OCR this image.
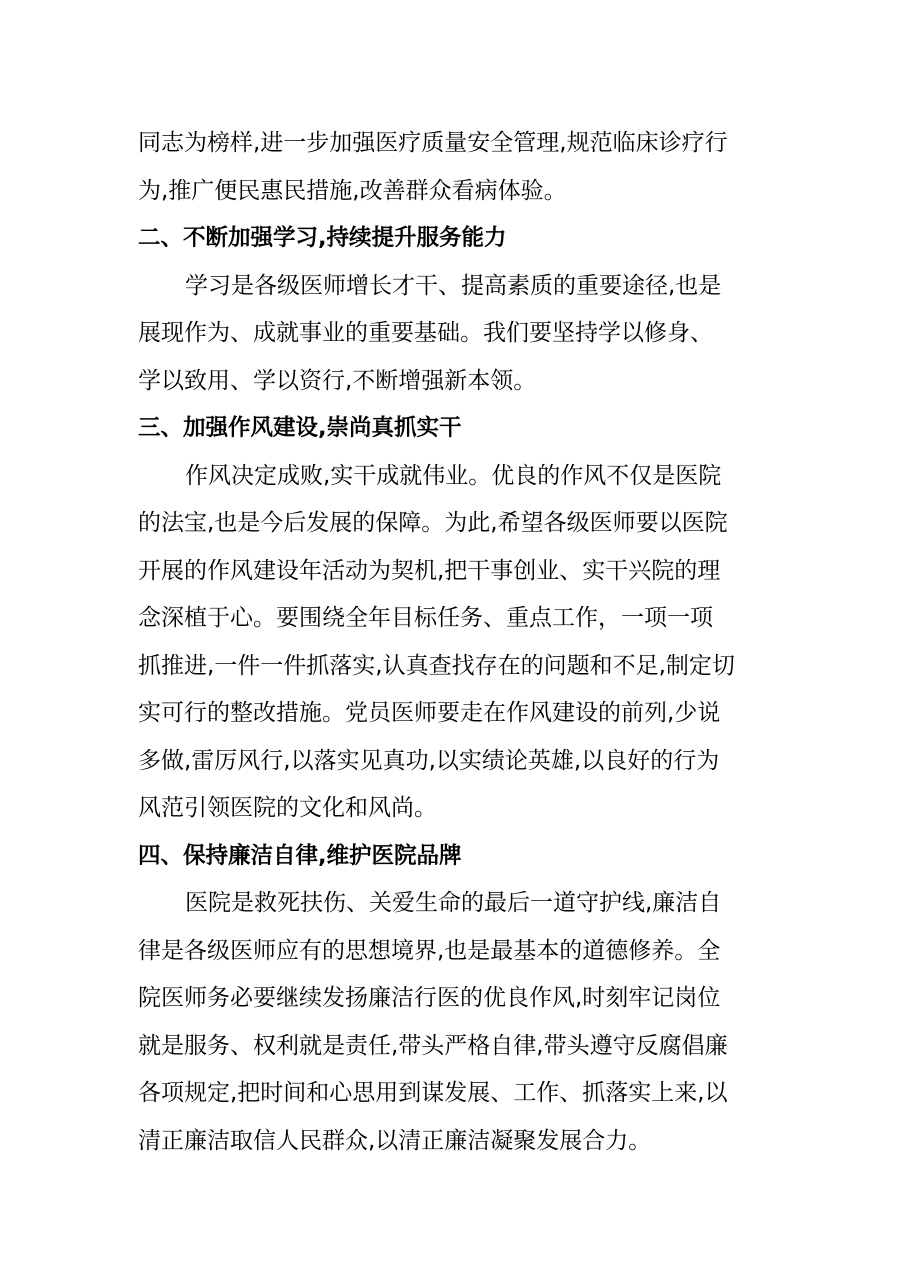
同志为榜样,进一步加强医疗质量安全管理,规范临床诊疗行
为,推广便民惠民措施,改善群众看病体验。
二、不断加强学习,持续提升服务能力
学习是各级医师增长才干、提高素质的重要途径,也是
展现作为、成就事业的重要基础。我们要坚持学以修身、
学以致用、学以资行,不断增强新本领。
三、加强作风建设,崇尚真抓实干
作风决定成败,实干成就伟业。优良的作风不仅是医院
的法宝,也是今后发展的保障。为此,希望各级医师要以医院
开展的作风建设年活动为契机,把干事创业、实干兴院的理
念深植于心。要围绕全年目标任务、重点工作，一项一项
抓推进,一件一件抓落实,认真查找存在的问题和不足,制定切
实可行的整改措施。党员医师要走在作风建设的前列,少说
多做,雷厉风行,以落实见真功,以实绩论英雄,以良好的行为
风范引领医院的文化和风尚。
四、保持廉洁自律,维护医院品牌
医院是救死扶伤、关爱生命的最后一道守护线,廉洁自
律是各级医师应有的思想境界,也是最基本的道德修养。全
院医师务必要继续发扬廉洁行医的优良作风,时刻牢记岗位
就是服务、权利就是责任,带头严格自律,带头遵守反腐倡廉
各项规定,把时间和心思用到谋发展、工作、抓落实上来,以
清正廉洁取信人民群众,以清正廉洁凝聚发展合力。
